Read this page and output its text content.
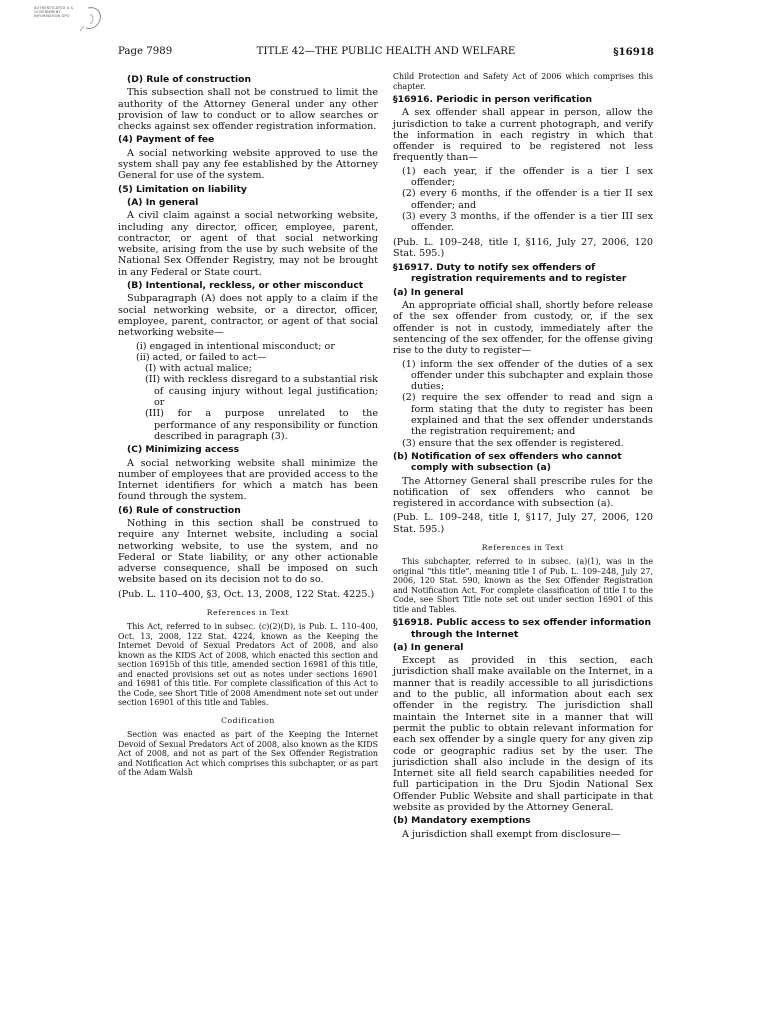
AUTHENTICATED U.S. GOVERNMENT INFORMATION GPO
Page 7989	TITLE 42—THE PUBLIC HEALTH AND WELFARE	§16918
(D) Rule of construction
This subsection shall not be construed to limit the authority of the Attorney General under any other provision of law to conduct or to allow searches or checks against sex offender registration information.
(4) Payment of fee
A social networking website approved to use the system shall pay any fee established by the Attorney General for use of the system.
(5) Limitation on liability
(A) In general
A civil claim against a social networking website, including any director, officer, employee, parent, contractor, or agent of that social networking website, arising from the use by such website of the National Sex Offender Registry, may not be brought in any Federal or State court.
(B) Intentional, reckless, or other misconduct
Subparagraph (A) does not apply to a claim if the social networking website, or a director, officer, employee, parent, contractor, or agent of that social networking website—
(i) engaged in intentional misconduct; or
(ii) acted, or failed to act—
(I) with actual malice;
(II) with reckless disregard to a substantial risk of causing injury without legal justification; or
(III) for a purpose unrelated to the performance of any responsibility or function described in paragraph (3).
(C) Minimizing access
A social networking website shall minimize the number of employees that are provided access to the Internet identifiers for which a match has been found through the system.
(6) Rule of construction
Nothing in this section shall be construed to require any Internet website, including a social networking website, to use the system, and no Federal or State liability, or any other actionable adverse consequence, shall be imposed on such website based on its decision not to do so.
(Pub. L. 110–400, §3, Oct. 13, 2008, 122 Stat. 4225.)
References in Text
This Act, referred to in subsec. (c)(2)(D), is Pub. L. 110–400, Oct. 13, 2008, 122 Stat. 4224, known as the Keeping the Internet Devoid of Sexual Predators Act of 2008, and also known as the KIDS Act of 2008, which enacted this section and section 16915b of this title, amended section 16981 of this title, and enacted provisions set out as notes under sections 16901 and 16981 of this title. For complete classification of this Act to the Code, see Short Title of 2008 Amendment note set out under section 16901 of this title and Tables.
Codification
Section was enacted as part of the Keeping the Internet Devoid of Sexual Predators Act of 2008, also known as the KIDS Act of 2008, and not as part of the Sex Offender Registration and Notification Act which comprises this subchapter, or as part of the Adam Walsh
Child Protection and Safety Act of 2006 which comprises this chapter.
§16916. Periodic in person verification
A sex offender shall appear in person, allow the jurisdiction to take a current photograph, and verify the information in each registry in which that offender is required to be registered not less frequently than—
(1) each year, if the offender is a tier I sex offender;
(2) every 6 months, if the offender is a tier II sex offender; and
(3) every 3 months, if the offender is a tier III sex offender.
(Pub. L. 109–248, title I, §116, July 27, 2006, 120 Stat. 595.)
§16917. Duty to notify sex offenders of registration requirements and to register
(a) In general
An appropriate official shall, shortly before release of the sex offender from custody, or, if the sex offender is not in custody, immediately after the sentencing of the sex offender, for the offense giving rise to the duty to register—
(1) inform the sex offender of the duties of a sex offender under this subchapter and explain those duties;
(2) require the sex offender to read and sign a form stating that the duty to register has been explained and that the sex offender understands the registration requirement; and
(3) ensure that the sex offender is registered.
(b) Notification of sex offenders who cannot comply with subsection (a)
The Attorney General shall prescribe rules for the notification of sex offenders who cannot be registered in accordance with subsection (a).
(Pub. L. 109–248, title I, §117, July 27, 2006, 120 Stat. 595.)
References in Text
This subchapter, referred to in subsec. (a)(1), was in the original “this title”, meaning title I of Pub. L. 109–248, July 27, 2006, 120 Stat. 590, known as the Sex Offender Registration and Notification Act. For complete classification of title I to the Code, see Short Title note set out under section 16901 of this title and Tables.
§16918. Public access to sex offender information through the Internet
(a) In general
Except as provided in this section, each jurisdiction shall make available on the Internet, in a manner that is readily accessible to all jurisdictions and to the public, all information about each sex offender in the registry. The jurisdiction shall maintain the Internet site in a manner that will permit the public to obtain relevant information for each sex offender by a single query for any given zip code or geographic radius set by the user. The jurisdiction shall also include in the design of its Internet site all field search capabilities needed for full participation in the Dru Sjodin National Sex Offender Public Website and shall participate in that website as provided by the Attorney General.
(b) Mandatory exemptions
A jurisdiction shall exempt from disclosure—
